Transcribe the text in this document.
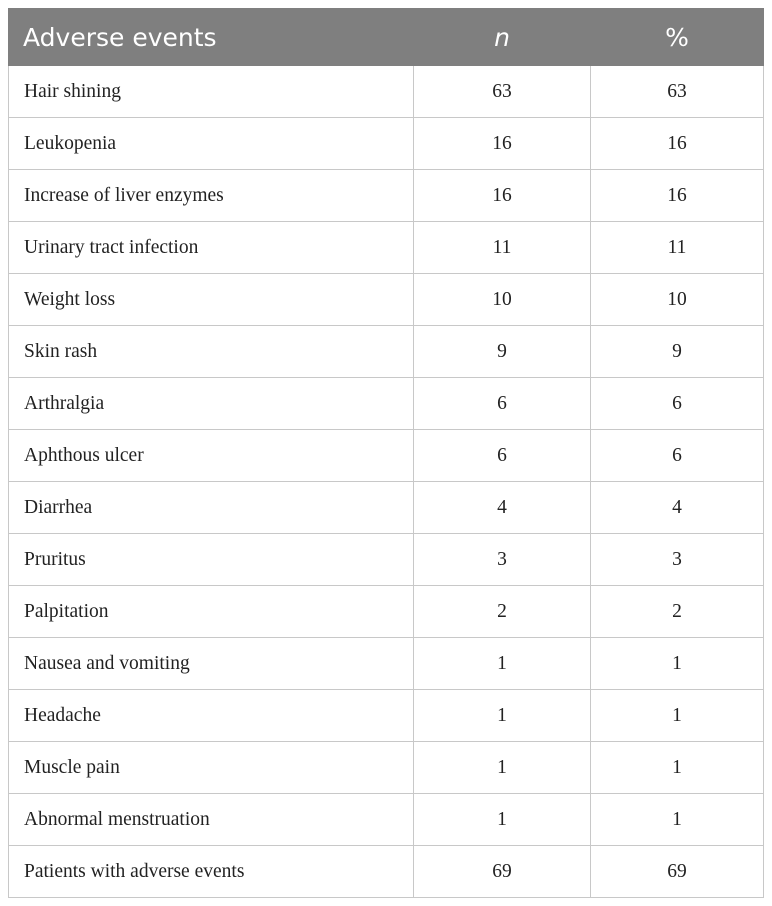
Adverse events	n	%
Hair shining	63	63
Leukopenia	16	16
Increase of liver enzymes	16	16
Urinary tract infection	11	11
Weight loss	10	10
Skin rash	9	9
Arthralgia	6	6
Aphthous ulcer	6	6
Diarrhea	4	4
Pruritus	3	3
Palpitation	2	2
Nausea and vomiting	1	1
Headache	1	1
Muscle pain	1	1
Abnormal menstruation	1	1
Patients with adverse events	69	69
